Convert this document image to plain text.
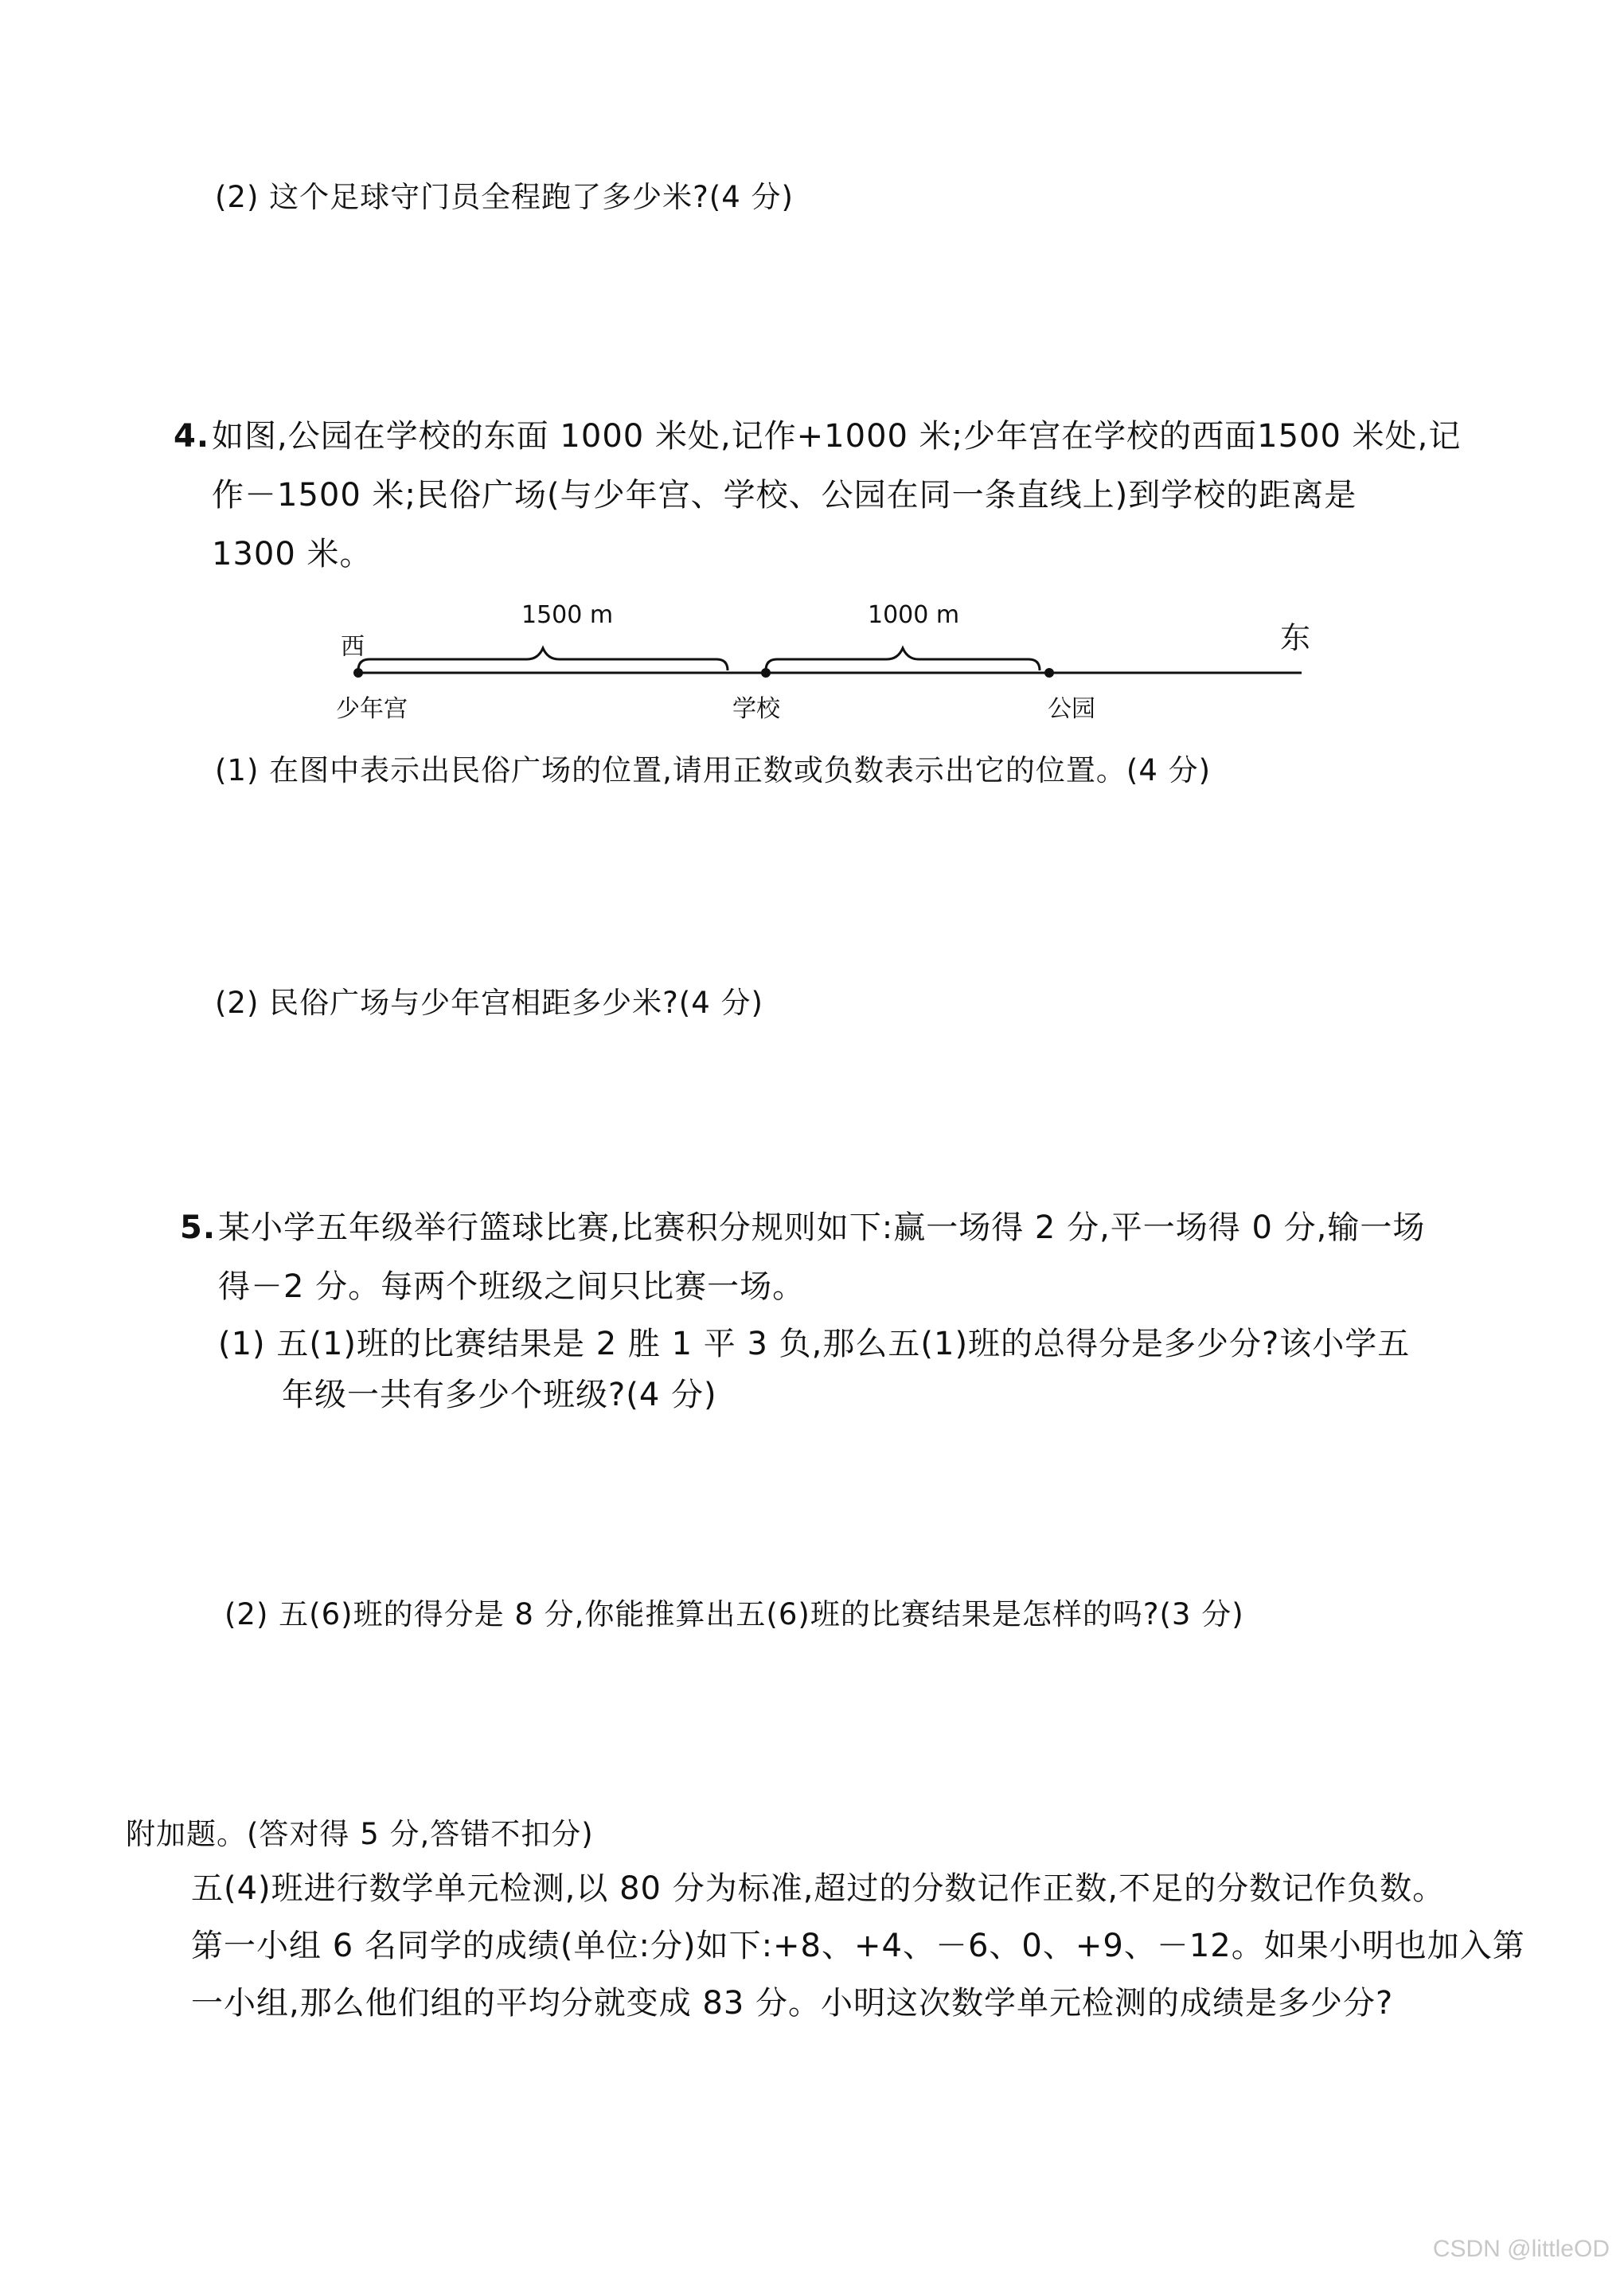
(2) 这个足球守门员全程跑了多少米?(4 分)
4. 如图,公园在学校的东面 1000 米处,记作+1000 米;少年宫在学校的西面1500 米处,记
作－1500 米;民俗广场(与少年宫、学校、公园在同一条直线上)到学校的距离是
1300 米。
西	东
1500 m	1000 m
少年宫	学校	公园
(1) 在图中表示出民俗广场的位置,请用正数或负数表示出它的位置。(4 分)
(2) 民俗广场与少年宫相距多少米?(4 分)
5. 某小学五年级举行篮球比赛,比赛积分规则如下:赢一场得 2 分,平一场得 0 分,输一场
得－2 分。每两个班级之间只比赛一场。
(1) 五(1)班的比赛结果是 2 胜 1 平 3 负,那么五(1)班的总得分是多少分?该小学五
年级一共有多少个班级?(4 分)
(2) 五(6)班的得分是 8 分,你能推算出五(6)班的比赛结果是怎样的吗?(3 分)
附加题。(答对得 5 分,答错不扣分)
五(4)班进行数学单元检测,以 80 分为标准,超过的分数记作正数,不足的分数记作负数。
第一小组 6 名同学的成绩(单位:分)如下:+8、+4、－6、0、+9、－12。如果小明也加入第
一小组,那么他们组的平均分就变成 83 分。小明这次数学单元检测的成绩是多少分?
CSDN @littleOD
